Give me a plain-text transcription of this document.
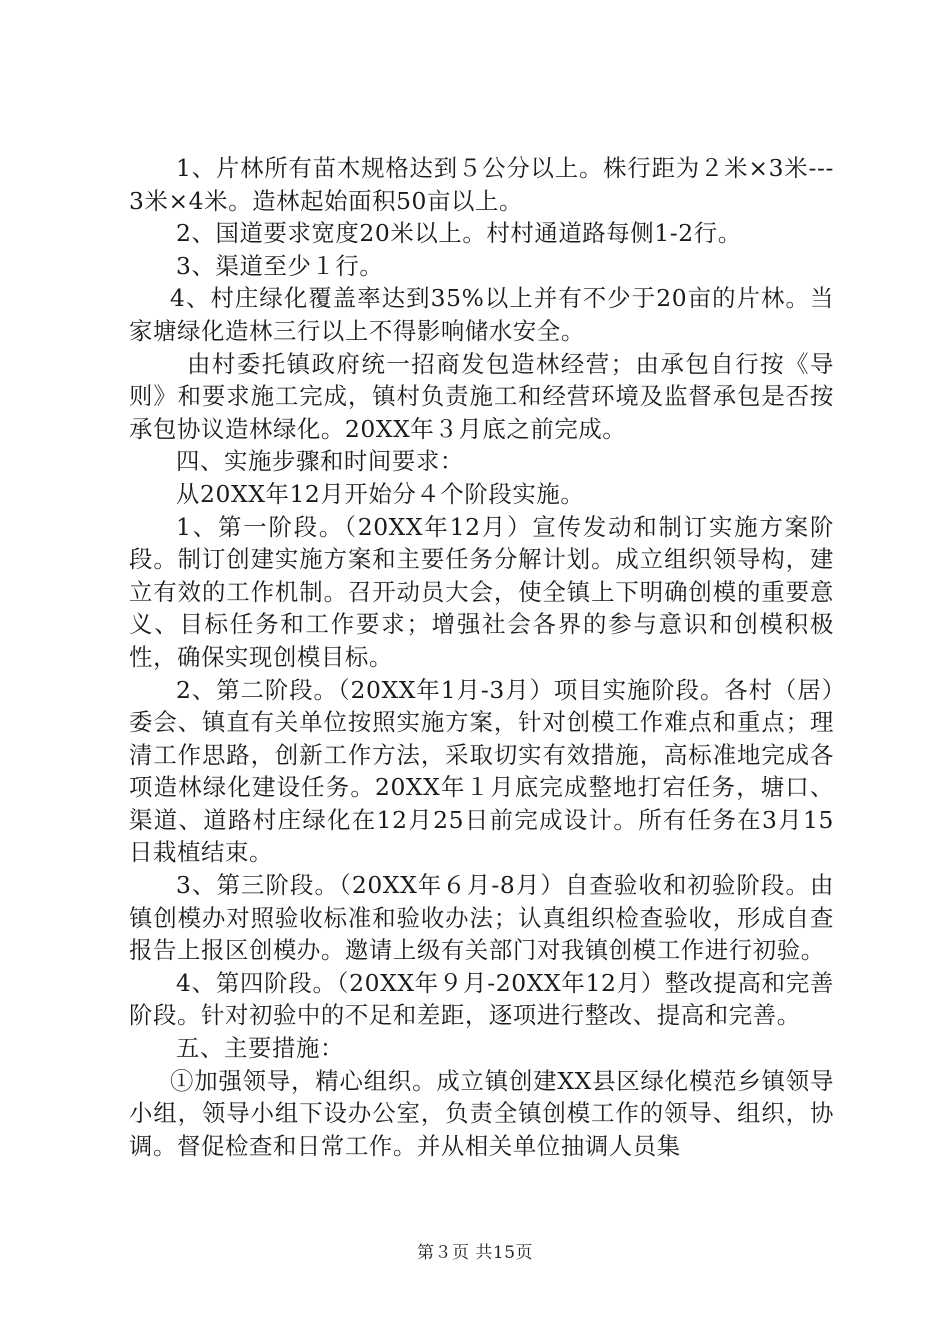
1、片林所有苗木规格达到５公分以上。株行距为２米×3米---3米×4米。造林起始面积50亩以上。

2、国道要求宽度20米以上。村村通道路每侧1-2行。

3、渠道至少１行。

4、村庄绿化覆盖率达到35%以上并有不少于20亩的片林。当家塘绿化造林三行以上不得影响储水安全。

由村委托镇政府统一招商发包造林经营；由承包自行按《导则》和要求施工完成，镇村负责施工和经营环境及监督承包是否按承包协议造林绿化。20XX年３月底之前完成。

四、实施步骤和时间要求：

从20XX年12月开始分４个阶段实施。

1、第一阶段。（20XX年12月）宣传发动和制订实施方案阶段。制订创建实施方案和主要任务分解计划。成立组织领导构，建立有效的工作机制。召开动员大会，使全镇上下明确创模的重要意义、目标任务和工作要求；增强社会各界的参与意识和创模积极性，确保实现创模目标。

2、第二阶段。（20XX年1月-3月）项目实施阶段。各村（居）委会、镇直有关单位按照实施方案，针对创模工作难点和重点；理清工作思路，创新工作方法，采取切实有效措施，高标准地完成各项造林绿化建设任务。20XX年１月底完成整地打宕任务，塘口、渠道、道路村庄绿化在12月25日前完成设计。所有任务在3月15日栽植结束。

3、第三阶段。（20XX年６月-8月）自查验收和初验阶段。由镇创模办对照验收标准和验收办法；认真组织检查验收，形成自查报告上报区创模办。邀请上级有关部门对我镇创模工作进行初验。

4、第四阶段。（20XX年９月-20XX年12月）整改提高和完善阶段。针对初验中的不足和差距，逐项进行整改、提高和完善。

五、主要措施：

①加强领导，精心组织。成立镇创建XX县区绿化模范乡镇领导小组，领导小组下设办公室，负责全镇创模工作的领导、组织，协调。督促检查和日常工作。并从相关单位抽调人员集

第３页 共15页
